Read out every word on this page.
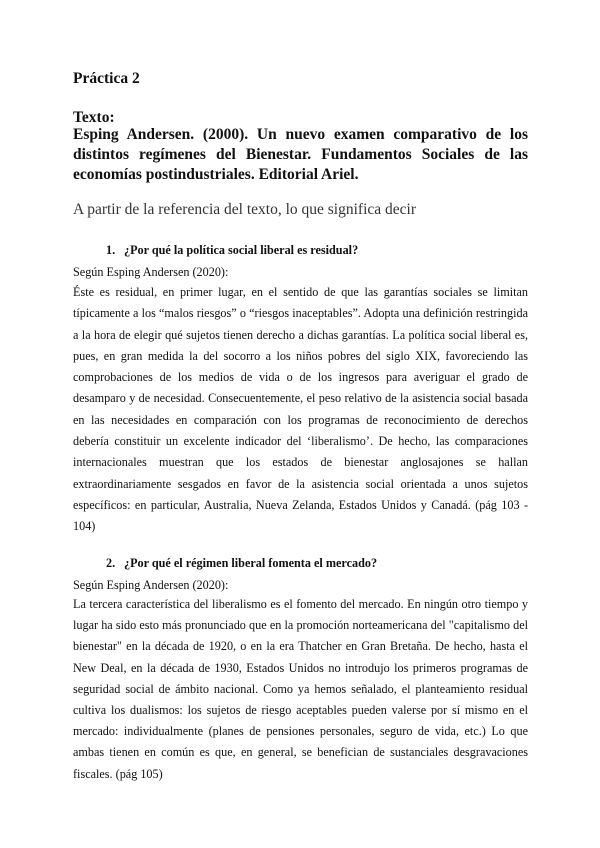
Práctica 2
Texto:
Esping Andersen. (2000). Un nuevo examen comparativo de los distintos regímenes del Bienestar. Fundamentos Sociales de las economías postindustriales. Editorial Ariel.
A partir de la referencia del texto, lo que significa decir
1. ¿Por qué la política social liberal es residual?
Según Esping Andersen (2020):
Éste es residual, en primer lugar, en el sentido de que las garantías sociales se limitan típicamente a los “malos riesgos” o “riesgos inaceptables”. Adopta una definición restringida a la hora de elegir qué sujetos tienen derecho a dichas garantías. La política social liberal es, pues, en gran medida la del socorro a los niños pobres del siglo XIX, favoreciendo las comprobaciones de los medios de vida o de los ingresos para averiguar el grado de desamparo y de necesidad. Consecuentemente, el peso relativo de la asistencia social basada en las necesidades en comparación con los programas de reconocimiento de derechos debería constituir un excelente indicador del ‘liberalismo’. De hecho, las comparaciones internacionales muestran que los estados de bienestar anglosajones se hallan extraordinariamente sesgados en favor de la asistencia social orientada a unos sujetos específicos: en particular, Australia, Nueva Zelanda, Estados Unidos y Canadá. (pág 103 - 104)
2. ¿Por qué el régimen liberal fomenta el mercado?
Según Esping Andersen (2020):
La tercera característica del liberalismo es el fomento del mercado. En ningún otro tiempo y lugar ha sido esto más pronunciado que en la promoción norteamericana del "capitalismo del bienestar" en la década de 1920, o en la era Thatcher en Gran Bretaña. De hecho, hasta el New Deal, en la década de 1930, Estados Unidos no introdujo los primeros programas de seguridad social de ámbito nacional. Como ya hemos señalado, el planteamiento residual cultiva los dualismos: los sujetos de riesgo aceptables pueden valerse por sí mismo en el mercado: individualmente (planes de pensiones personales, seguro de vida, etc.) Lo que ambas tienen en común es que, en general, se benefician de sustanciales desgravaciones fiscales. (pág 105)
